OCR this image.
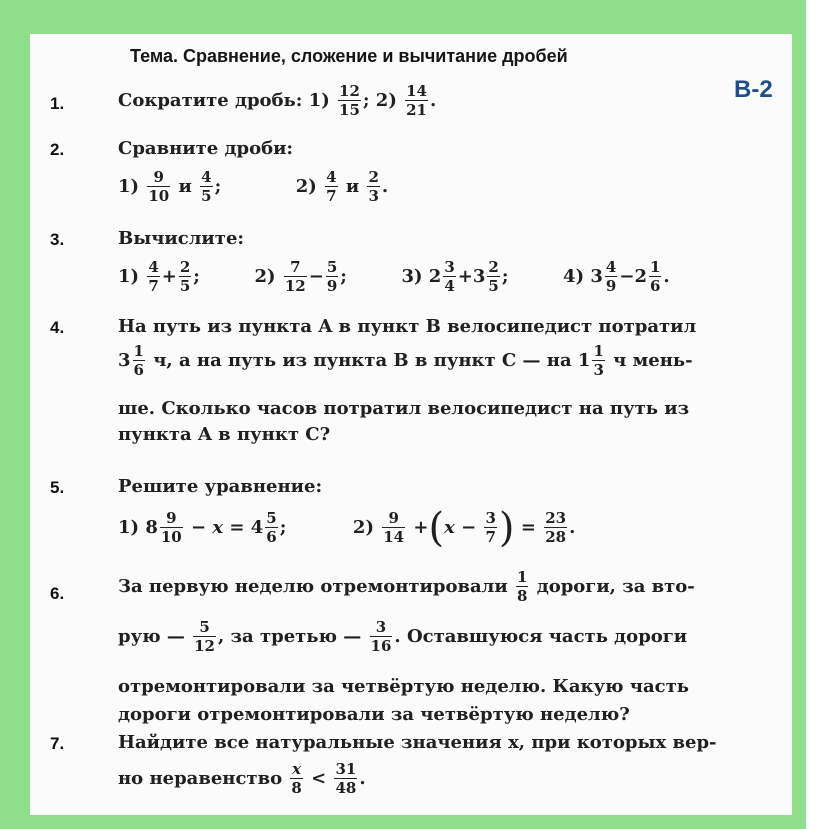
Тема. Сравнение, сложение и вычитание дробей
В-2
1.	Сократите дробь: $1) \frac{12}{15}$ ; $2) \frac{14}{21}$ .
2.	Сравните дроби:
$1) \frac{9}{10}$ и $\frac{4}{5}$ ;	$2) \frac{4}{7}$ и $\frac{2}{3}$ .
3.	Вычислите:
$1) \frac{4}{7} + \frac{2}{5}$ ;	$2) \frac{7}{12} - \frac{5}{9}$ ;	3) $2 \frac{3}{4} +3 \frac{2}{5}$ ;	4) $3 \frac{4}{9} -2 \frac{1}{6}$ .
4.	На путь из пункта A в пункт B велосипедист потратил
$3 \frac{1}{6} ч$, а на путь из пункта B в пункт C — на $1 \frac{1}{3}$ ч мень-
ше. Сколько часов потратил велосипедист на путь из
пункта A в пункт C?
5.	Решите уравнение:
1) $8 \frac{9}{10} - x = 4 \frac{5}{6}$ ;	$2) \frac{9}{14} +(x - \frac{3}{7}$ ) = $\frac{23}{28}$ .
6.	За первую неделю отремонтировали $\frac{1}{8}$ дороги, за вто-
рую — $\frac{5}{12}$ , за третью — $\frac{3}{16}$ . Оставшуюся часть дороги
отремонтировали за четвёртую неделю. Какую часть
дороги отремонтировали за четвёртую неделю?
7.	Найдите все натуральные значения x, при которых вер-
но неравенство $\frac{x}{8} < \frac{31}{48}$ .
